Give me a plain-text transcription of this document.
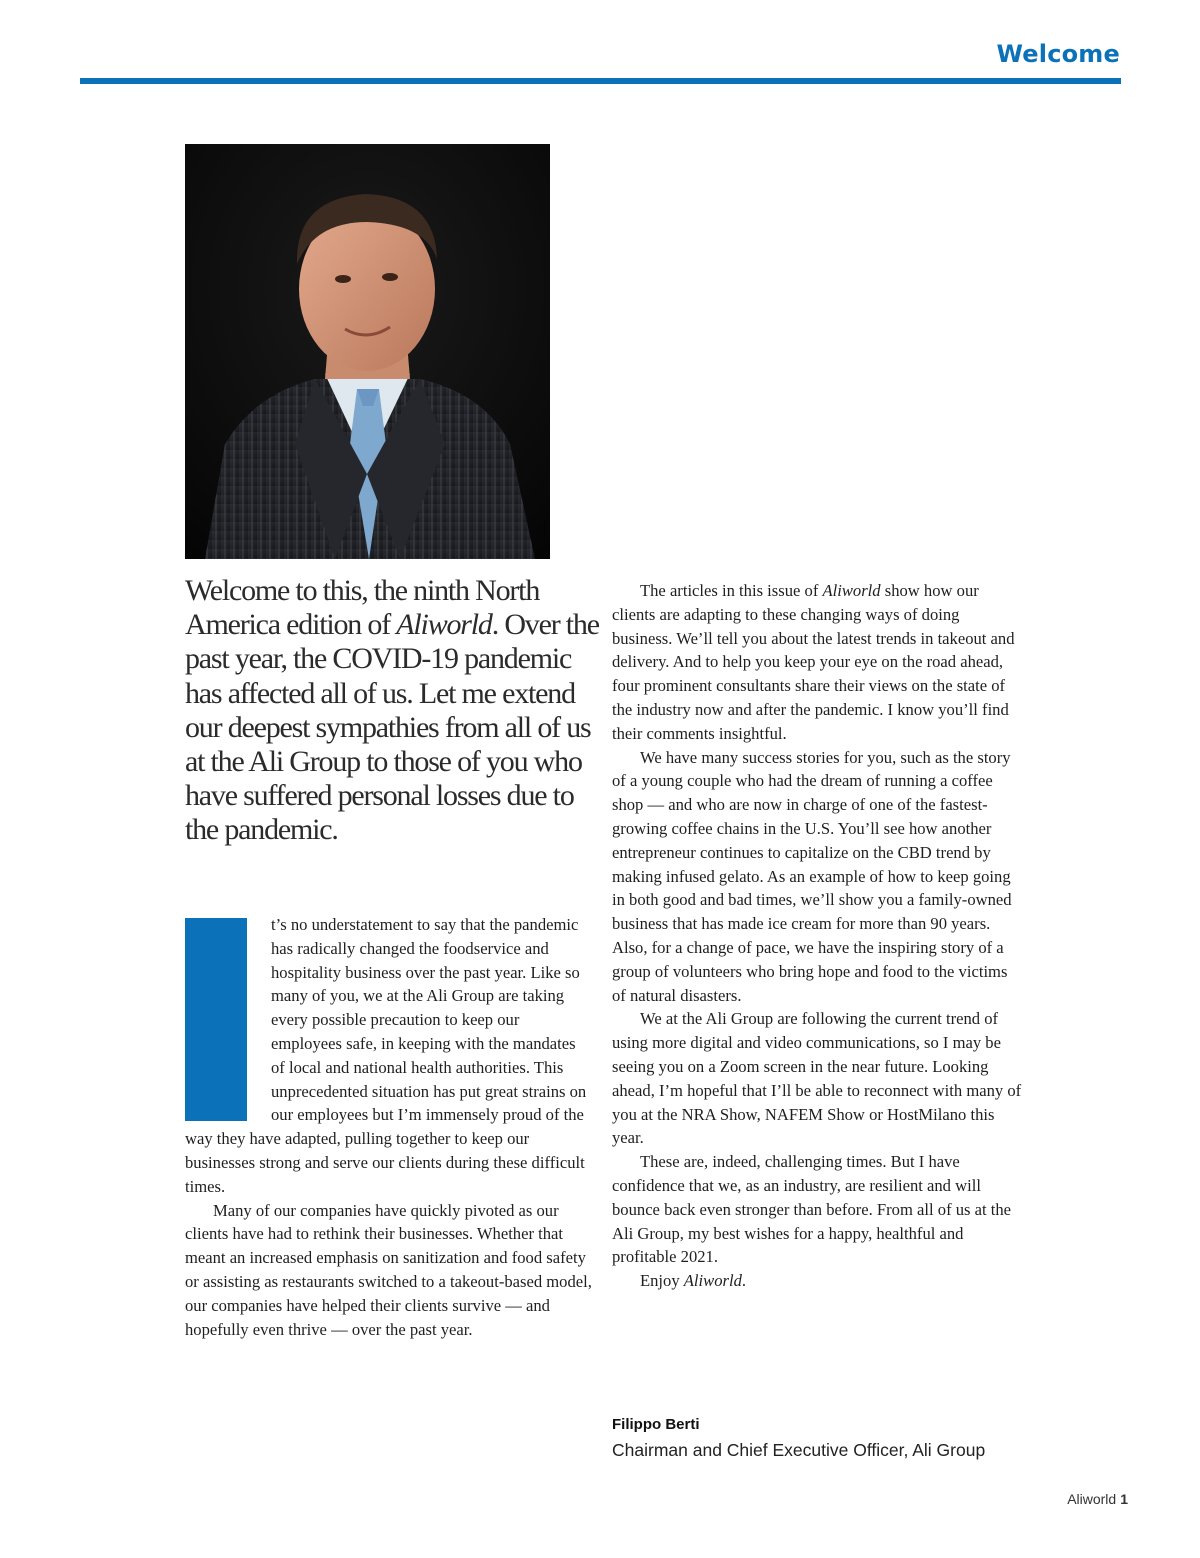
Welcome

Welcome to this, the ninth North America edition of Aliworld. Over the past year, the COVID-19 pandemic has affected all of us. Let me extend our deepest sympathies from all of us at the Ali Group to those of you who have suffered personal losses due to the pandemic.

I	t’s no understatement to say that the pandemic has radically changed the foodservice and hospitality business over the past year. Like so many of you, we at the Ali Group are taking every possible precaution to keep our employees safe, in keeping with the mandates of local and national health authorities. This unprecedented situation has put great strains on our employees but I’m immensely proud of the way they have adapted, pulling together to keep our businesses strong and serve our clients during these difficult times.

Many of our companies have quickly pivoted as our clients have had to rethink their businesses. Whether that meant an increased emphasis on sanitization and food safety or assisting as restaurants switched to a takeout-based model, our companies have helped their clients survive — and hopefully even thrive — over the past year.

The articles in this issue of Aliworld show how our clients are adapting to these changing ways of doing business. We’ll tell you about the latest trends in takeout and delivery. And to help you keep your eye on the road ahead, four prominent consultants share their views on the state of the industry now and after the pandemic. I know you’ll find their comments insightful.

We have many success stories for you, such as the story of a young couple who had the dream of running a coffee shop — and who are now in charge of one of the fastest-growing coffee chains in the U.S. You’ll see how another entrepreneur continues to capitalize on the CBD trend by making infused gelato. As an example of how to keep going in both good and bad times, we’ll show you a family-owned business that has made ice cream for more than 90 years. Also, for a change of pace, we have the inspiring story of a group of volunteers who bring hope and food to the victims of natural disasters.

We at the Ali Group are following the current trend of using more digital and video communications, so I may be seeing you on a Zoom screen in the near future. Looking ahead, I’m hopeful that I’ll be able to reconnect with many of you at the NRA Show, NAFEM Show or HostMilano this year.

These are, indeed, challenging times. But I have confidence that we, as an industry, are resilient and will bounce back even stronger than before. From all of us at the Ali Group, my best wishes for a happy, healthful and profitable 2021.

Enjoy Aliworld.

Filippo Berti
Chairman and Chief Executive Officer, Ali Group
Aliworld 1
